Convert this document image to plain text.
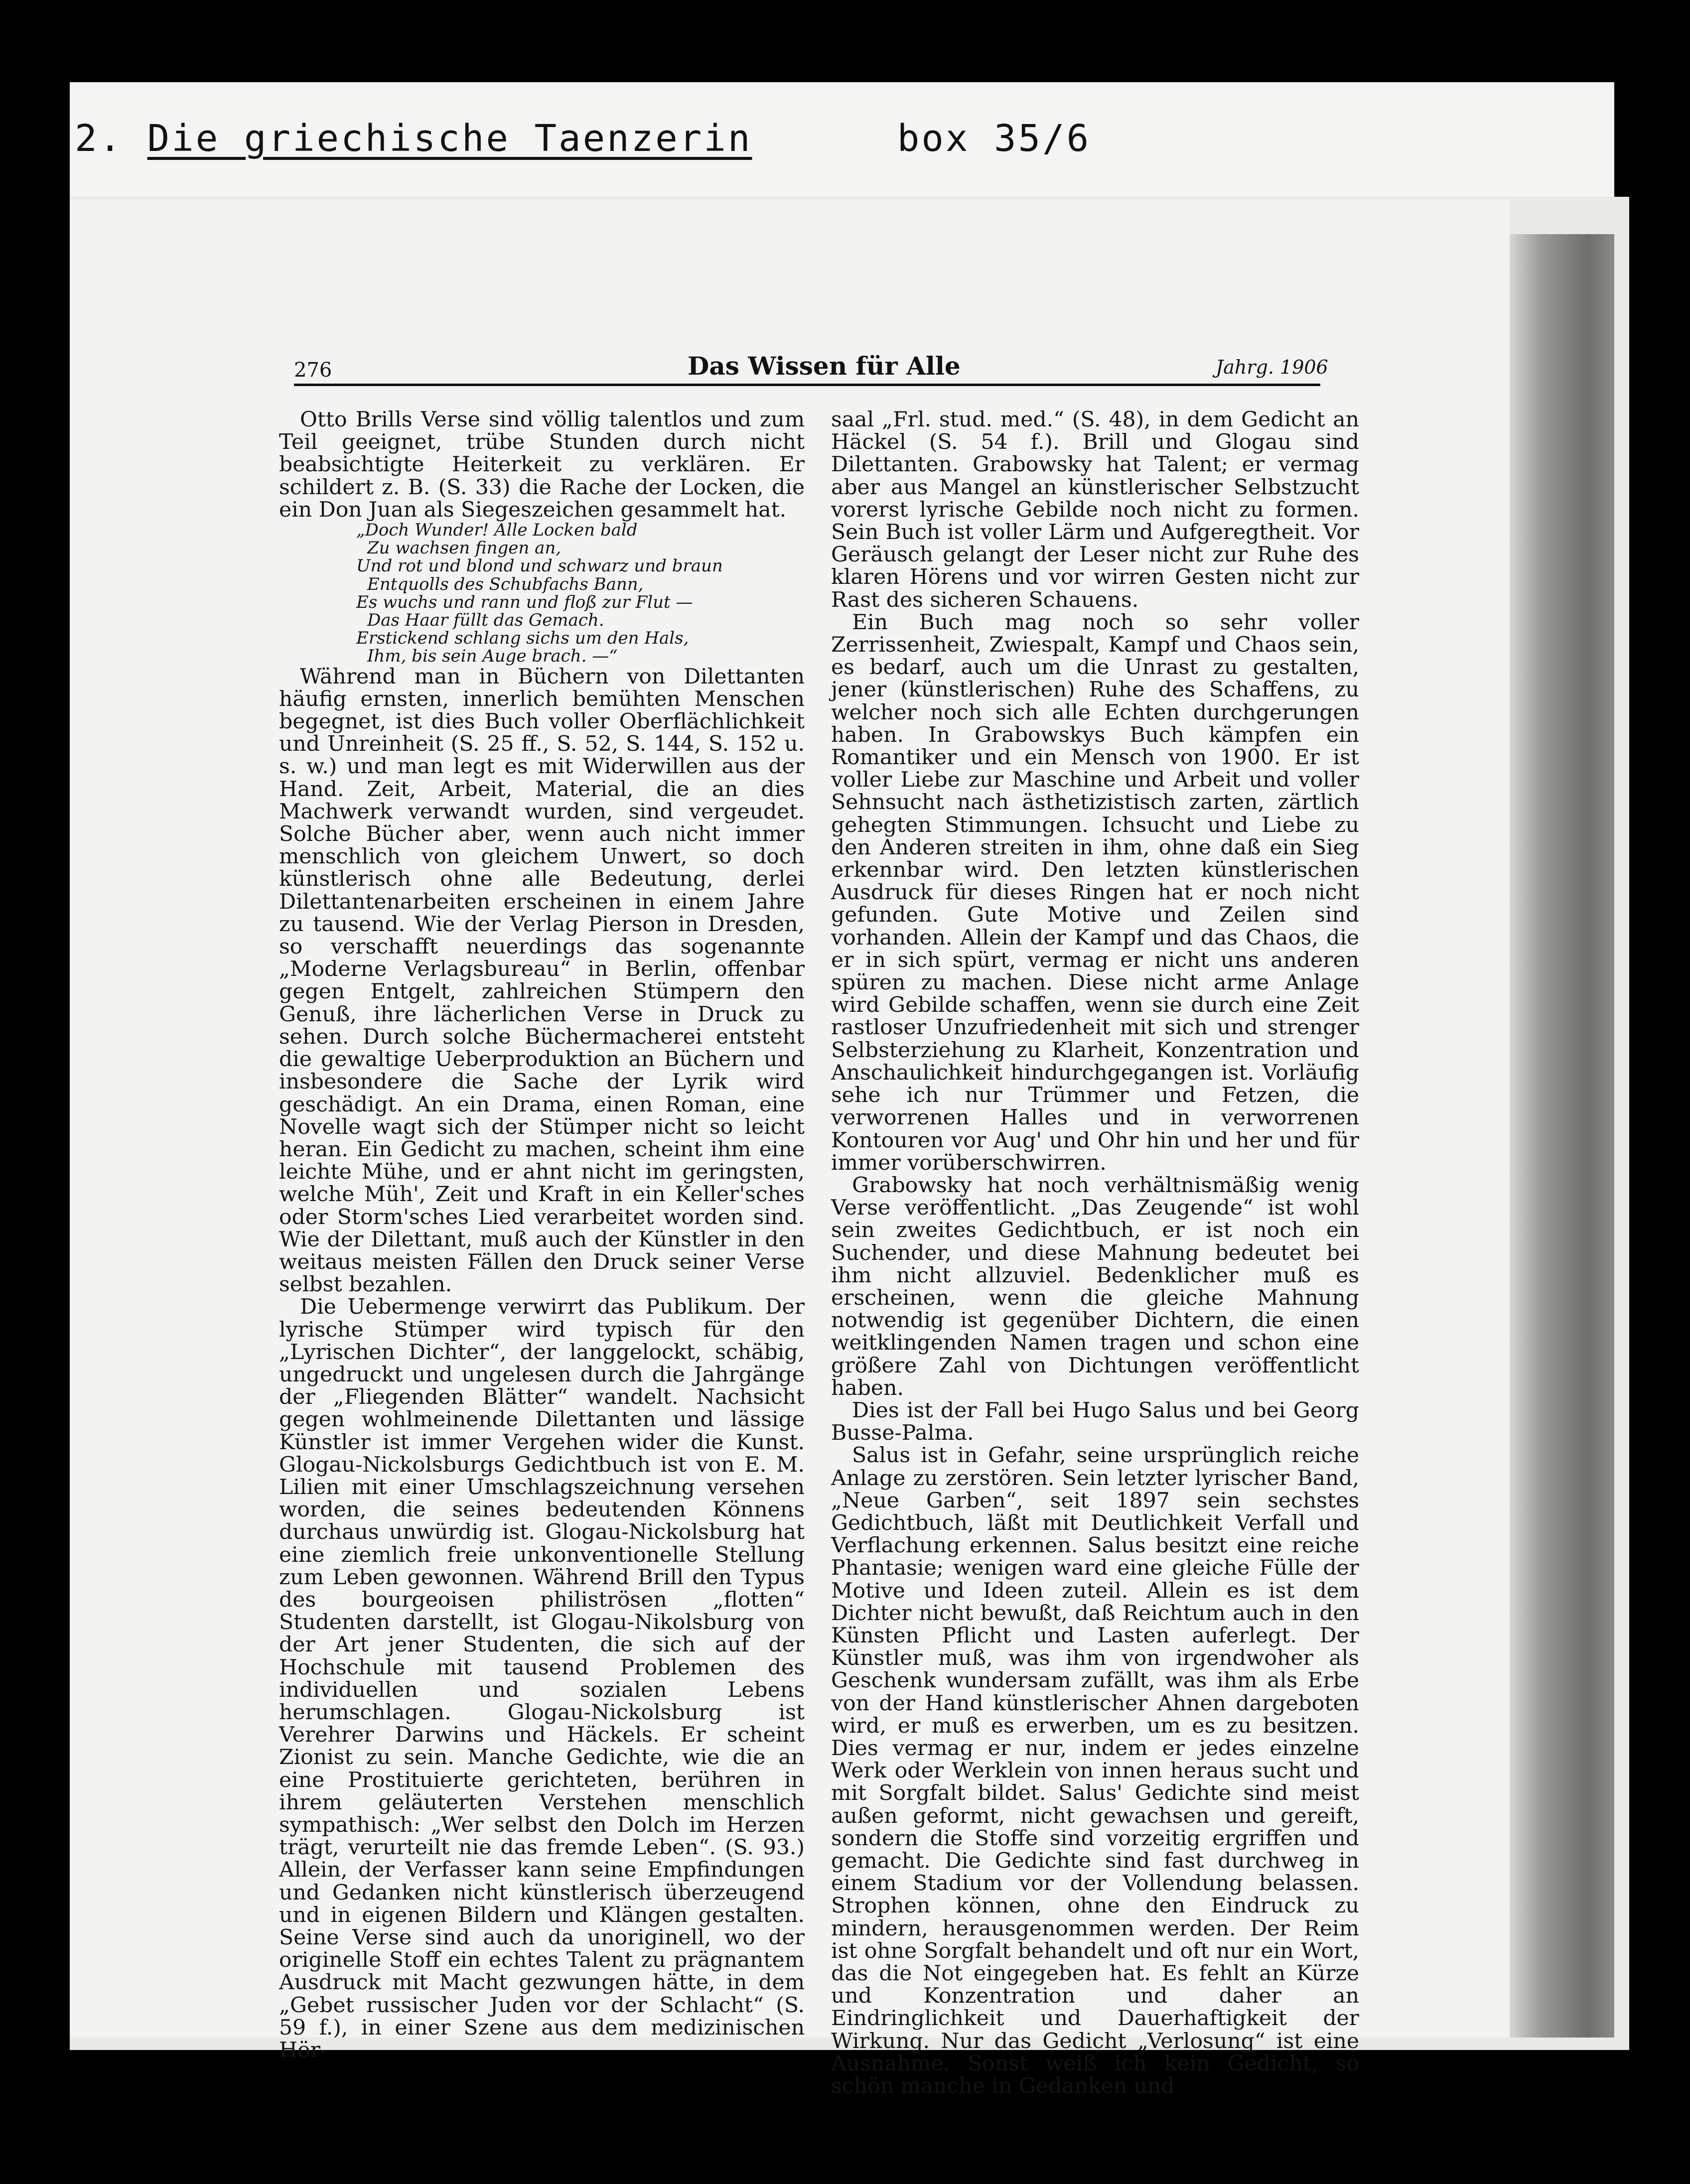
2. Die griechische Taenzerin	box 35/6
276	Das Wissen für Alle	Jahrg. 1906

Otto Brills Verse sind völlig talentlos und zum Teil geeignet, trübe Stunden durch nicht beabsichtigte Heiterkeit zu verklären. Er schildert z. B. (S. 33) die Rache der Locken, die ein Don Juan als Siegeszeichen gesammelt hat.

„Doch Wunder! Alle Locken bald
Zu wachsen fingen an,
Und rot und blond und schwarz und braun
Entquolls des Schubfachs Bann,
Es wuchs und rann und floß zur Flut —
Das Haar füllt das Gemach.
Erstickend schlang sichs um den Hals,
Ihm, bis sein Auge brach. —“

Während man in Büchern von Dilettanten häufig ernsten, innerlich bemühten Menschen begegnet, ist dies Buch voller Oberflächlichkeit und Unreinheit (S. 25 ff., S. 52, S. 144, S. 152 u. s. w.) und man legt es mit Widerwillen aus der Hand. Zeit, Arbeit, Material, die an dies Machwerk verwandt wurden, sind vergeudet. Solche Bücher aber, wenn auch nicht immer menschlich von gleichem Unwert, so doch künstlerisch ohne alle Bedeutung, derlei Dilettantenarbeiten erscheinen in einem Jahre zu tausend. Wie der Verlag Pierson in Dresden, so verschafft neuerdings das sogenannte „Moderne Verlagsbureau“ in Berlin, offenbar gegen Entgelt, zahlreichen Stümpern den Genuß, ihre lächerlichen Verse in Druck zu sehen. Durch solche Büchermacherei entsteht die gewaltige Ueberproduktion an Büchern und insbesondere die Sache der Lyrik wird geschädigt. An ein Drama, einen Roman, eine Novelle wagt sich der Stümper nicht so leicht heran. Ein Gedicht zu machen, scheint ihm eine leichte Mühe, und er ahnt nicht im geringsten, welche Müh', Zeit und Kraft in ein Keller'sches oder Storm'sches Lied verarbeitet worden sind. Wie der Dilettant, muß auch der Künstler in den weitaus meisten Fällen den Druck seiner Verse selbst bezahlen.

Die Uebermenge verwirrt das Publikum. Der lyrische Stümper wird typisch für den „Lyrischen Dichter“, der langgelockt, schäbig, ungedruckt und ungelesen durch die Jahrgänge der „Fliegenden Blätter“ wandelt. Nachsicht gegen wohlmeinende Dilettanten und lässige Künstler ist immer Vergehen wider die Kunst. Glogau-Nickolsburgs Gedichtbuch ist von E. M. Lilien mit einer Umschlagszeichnung versehen worden, die seines bedeutenden Könnens durchaus unwürdig ist. Glogau-Nickolsburg hat eine ziemlich freie unkonventionelle Stellung zum Leben gewonnen. Während Brill den Typus des bourgeoisen philiströsen „flotten“ Studenten darstellt, ist Glogau-Nikolsburg von der Art jener Studenten, die sich auf der Hochschule mit tausend Problemen des individuellen und sozialen Lebens herumschlagen. Glogau-Nickolsburg ist Verehrer Darwins und Häckels. Er scheint Zionist zu sein. Manche Gedichte, wie die an eine Prostituierte gerichteten, berühren in ihrem geläuterten Verstehen menschlich sympathisch: „Wer selbst den Dolch im Herzen trägt, verurteilt nie das fremde Leben“. (S. 93.) Allein, der Verfasser kann seine Empfindungen und Gedanken nicht künstlerisch überzeugend und in eigenen Bildern und Klängen gestalten. Seine Verse sind auch da unoriginell, wo der originelle Stoff ein echtes Talent zu prägnantem Ausdruck mit Macht gezwungen hätte, in dem „Gebet russischer Juden vor der Schlacht“ (S. 59 f.), in einer Szene aus dem medizinischen Hör-

saal „Frl. stud. med.“ (S. 48), in dem Gedicht an Häckel (S. 54 f.). Brill und Glogau sind Dilettanten. Grabowsky hat Talent; er vermag aber aus Mangel an künstlerischer Selbstzucht vorerst lyrische Gebilde noch nicht zu formen. Sein Buch ist voller Lärm und Aufgeregtheit. Vor Geräusch gelangt der Leser nicht zur Ruhe des klaren Hörens und vor wirren Gesten nicht zur Rast des sicheren Schauens.

Ein Buch mag noch so sehr voller Zerrissenheit, Zwiespalt, Kampf und Chaos sein, es bedarf, auch um die Unrast zu gestalten, jener (künstlerischen) Ruhe des Schaffens, zu welcher noch sich alle Echten durchgerungen haben. In Grabowskys Buch kämpfen ein Romantiker und ein Mensch von 1900. Er ist voller Liebe zur Maschine und Arbeit und voller Sehnsucht nach ästhetizistisch zarten, zärtlich gehegten Stimmungen. Ichsucht und Liebe zu den Anderen streiten in ihm, ohne daß ein Sieg erkennbar wird. Den letzten künstlerischen Ausdruck für dieses Ringen hat er noch nicht gefunden. Gute Motive und Zeilen sind vorhanden. Allein der Kampf und das Chaos, die er in sich spürt, vermag er nicht uns anderen spüren zu machen. Diese nicht arme Anlage wird Gebilde schaffen, wenn sie durch eine Zeit rastloser Unzufriedenheit mit sich und strenger Selbsterziehung zu Klarheit, Konzentration und Anschaulichkeit hindurchgegangen ist. Vorläufig sehe ich nur Trümmer und Fetzen, die verworrenen Halles und in verworrenen Kontouren vor Aug' und Ohr hin und her und für immer vorüberschwirren.

Grabowsky hat noch verhältnismäßig wenig Verse veröffentlicht. „Das Zeugende“ ist wohl sein zweites Gedichtbuch, er ist noch ein Suchender, und diese Mahnung bedeutet bei ihm nicht allzuviel. Bedenklicher muß es erscheinen, wenn die gleiche Mahnung notwendig ist gegenüber Dichtern, die einen weitklingenden Namen tragen und schon eine größere Zahl von Dichtungen veröffentlicht haben.

Dies ist der Fall bei Hugo Salus und bei Georg Busse-Palma.

Salus ist in Gefahr, seine ursprünglich reiche Anlage zu zerstören. Sein letzter lyrischer Band, „Neue Garben“, seit 1897 sein sechstes Gedichtbuch, läßt mit Deutlichkeit Verfall und Verflachung erkennen. Salus besitzt eine reiche Phantasie; wenigen ward eine gleiche Fülle der Motive und Ideen zuteil. Allein es ist dem Dichter nicht bewußt, daß Reichtum auch in den Künsten Pflicht und Lasten auferlegt. Der Künstler muß, was ihm von irgendwoher als Geschenk wundersam zufällt, was ihm als Erbe von der Hand künstlerischer Ahnen dargeboten wird, er muß es erwerben, um es zu besitzen. Dies vermag er nur, indem er jedes einzelne Werk oder Werklein von innen heraus sucht und mit Sorgfalt bildet. Salus' Gedichte sind meist außen geformt, nicht gewachsen und gereift, sondern die Stoffe sind vorzeitig ergriffen und gemacht. Die Gedichte sind fast durchweg in einem Stadium vor der Vollendung belassen. Strophen können, ohne den Eindruck zu mindern, herausgenommen werden. Der Reim ist ohne Sorgfalt behandelt und oft nur ein Wort, das die Not eingegeben hat. Es fehlt an Kürze und Konzentration und daher an Eindringlichkeit und Dauerhaftigkeit der Wirkung. Nur das Gedicht „Verlosung“ ist eine Ausnahme. Sonst weiß ich kein Gedicht, so schön manche in Gedanken und
